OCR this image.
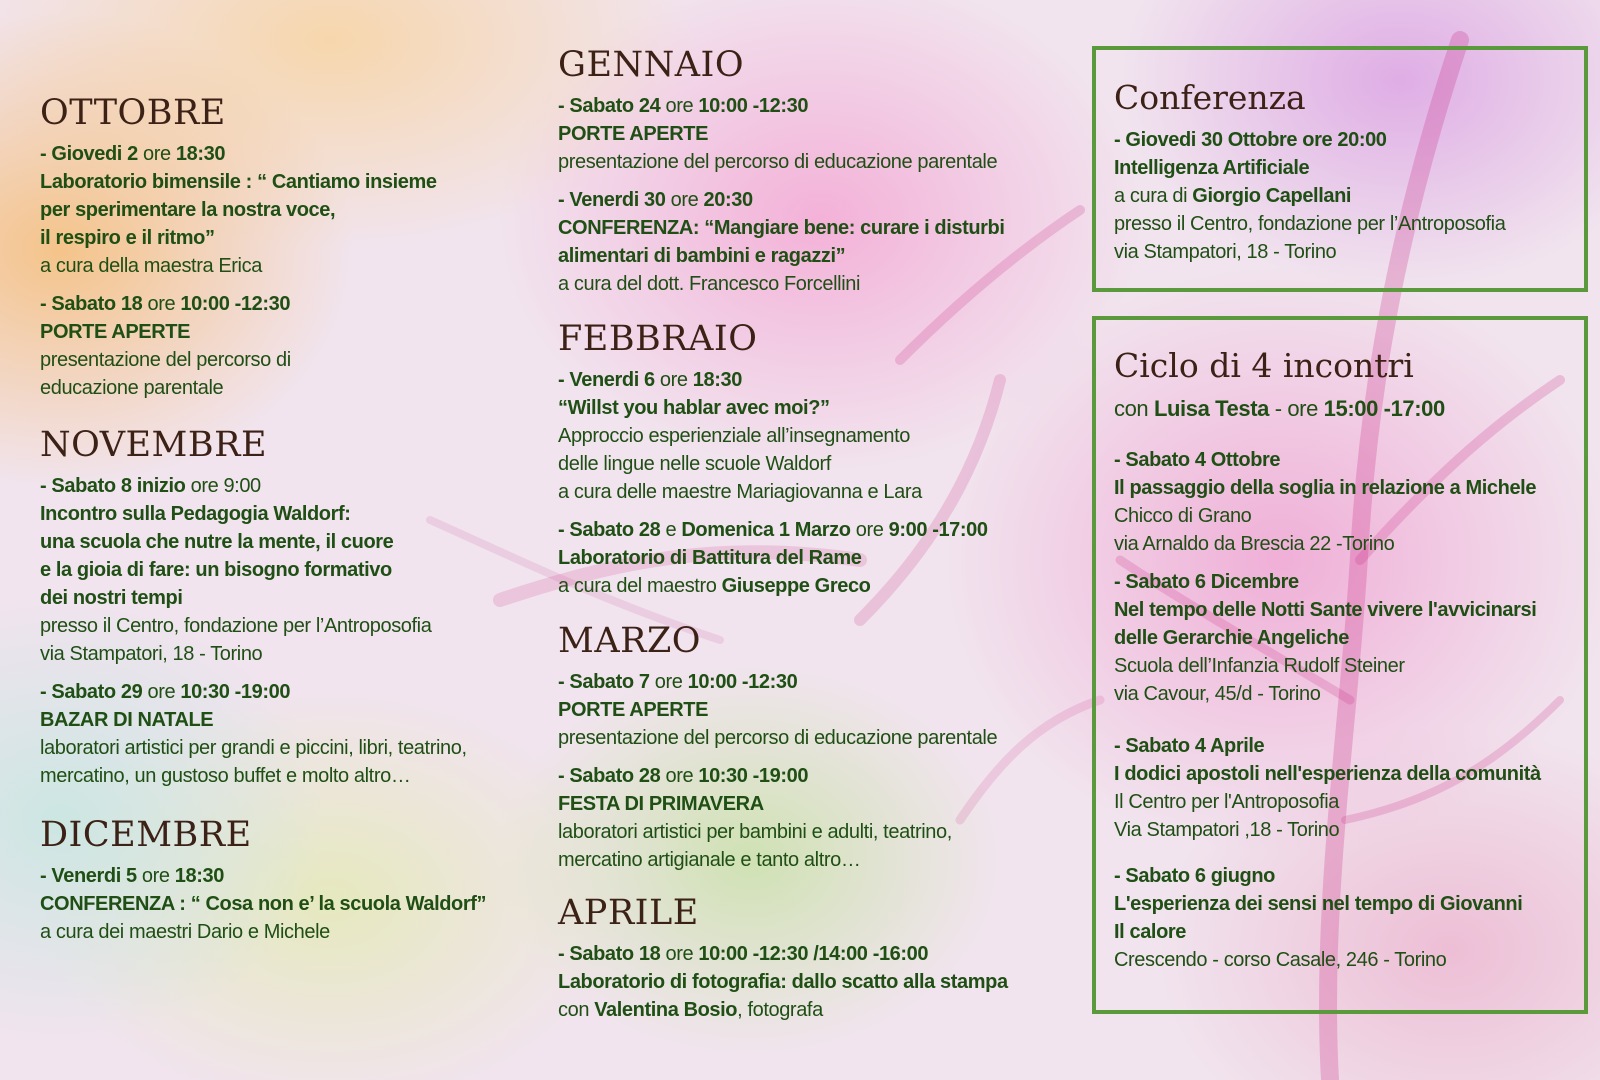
OTTOBRE
- Giovedi 2 ore 18:30
Laboratorio bimensile : “ Cantiamo insieme
per sperimentare la nostra voce,
il respiro e il ritmo”
a cura della maestra Erica
- Sabato 18 ore 10:00 -12:30
PORTE APERTE
presentazione del percorso di
educazione parentale
NOVEMBRE
- Sabato 8 inizio ore 9:00
Incontro sulla Pedagogia Waldorf:
una scuola che nutre la mente, il cuore
e la gioia di fare: un bisogno formativo
dei nostri tempi
presso il Centro, fondazione per l’Antroposofia
via Stampatori, 18 - Torino
- Sabato 29 ore 10:30 -19:00
BAZAR DI NATALE
laboratori artistici per grandi e piccini, libri, teatrino,
mercatino, un gustoso buffet e molto altro…
DICEMBRE
- Venerdi 5 ore 18:30
CONFERENZA : “ Cosa non e’ la scuola Waldorf”
a cura dei maestri Dario e Michele
GENNAIO
- Sabato 24 ore 10:00 -12:30
PORTE APERTE
presentazione del percorso di educazione parentale
- Venerdi 30 ore 20:30
CONFERENZA: “Mangiare bene: curare i disturbi
alimentari di bambini e ragazzi”
a cura del dott. Francesco Forcellini
FEBBRAIO
- Venerdi 6 ore 18:30
“Willst you hablar avec moi?”
Approccio esperienziale all’insegnamento
delle lingue nelle scuole Waldorf
a cura delle maestre Mariagiovanna e Lara
- Sabato 28 e Domenica 1 Marzo ore 9:00 -17:00
Laboratorio di Battitura del Rame
a cura del maestro Giuseppe Greco
MARZO
- Sabato 7 ore 10:00 -12:30
PORTE APERTE
presentazione del percorso di educazione parentale
- Sabato 28 ore 10:30 -19:00
FESTA DI PRIMAVERA
laboratori artistici per bambini e adulti, teatrino,
mercatino artigianale e tanto altro…
APRILE
- Sabato 18 ore 10:00 -12:30 /14:00 -16:00
Laboratorio di fotografia: dallo scatto alla stampa
con Valentina Bosio, fotografa
Conferenza
- Giovedi 30 Ottobre ore 20:00
Intelligenza Artificiale
a cura di Giorgio Capellani
presso il Centro, fondazione per l’Antroposofia
via Stampatori, 18 - Torino
Ciclo di 4 incontri
con Luisa Testa - ore 15:00 -17:00
- Sabato 4 Ottobre
Il passaggio della soglia in relazione a Michele
Chicco di Grano
via Arnaldo da Brescia 22 -Torino
- Sabato 6 Dicembre
Nel tempo delle Notti Sante vivere l'avvicinarsi
delle Gerarchie Angeliche
Scuola dell’Infanzia Rudolf Steiner
via Cavour, 45/d - Torino
- Sabato 4 Aprile
I dodici apostoli nell'esperienza della comunità
Il Centro per l'Antroposofia
Via Stampatori ,18 - Torino
- Sabato 6 giugno
L'esperienza dei sensi nel tempo di Giovanni
Il calore
Crescendo - corso Casale, 246 - Torino
